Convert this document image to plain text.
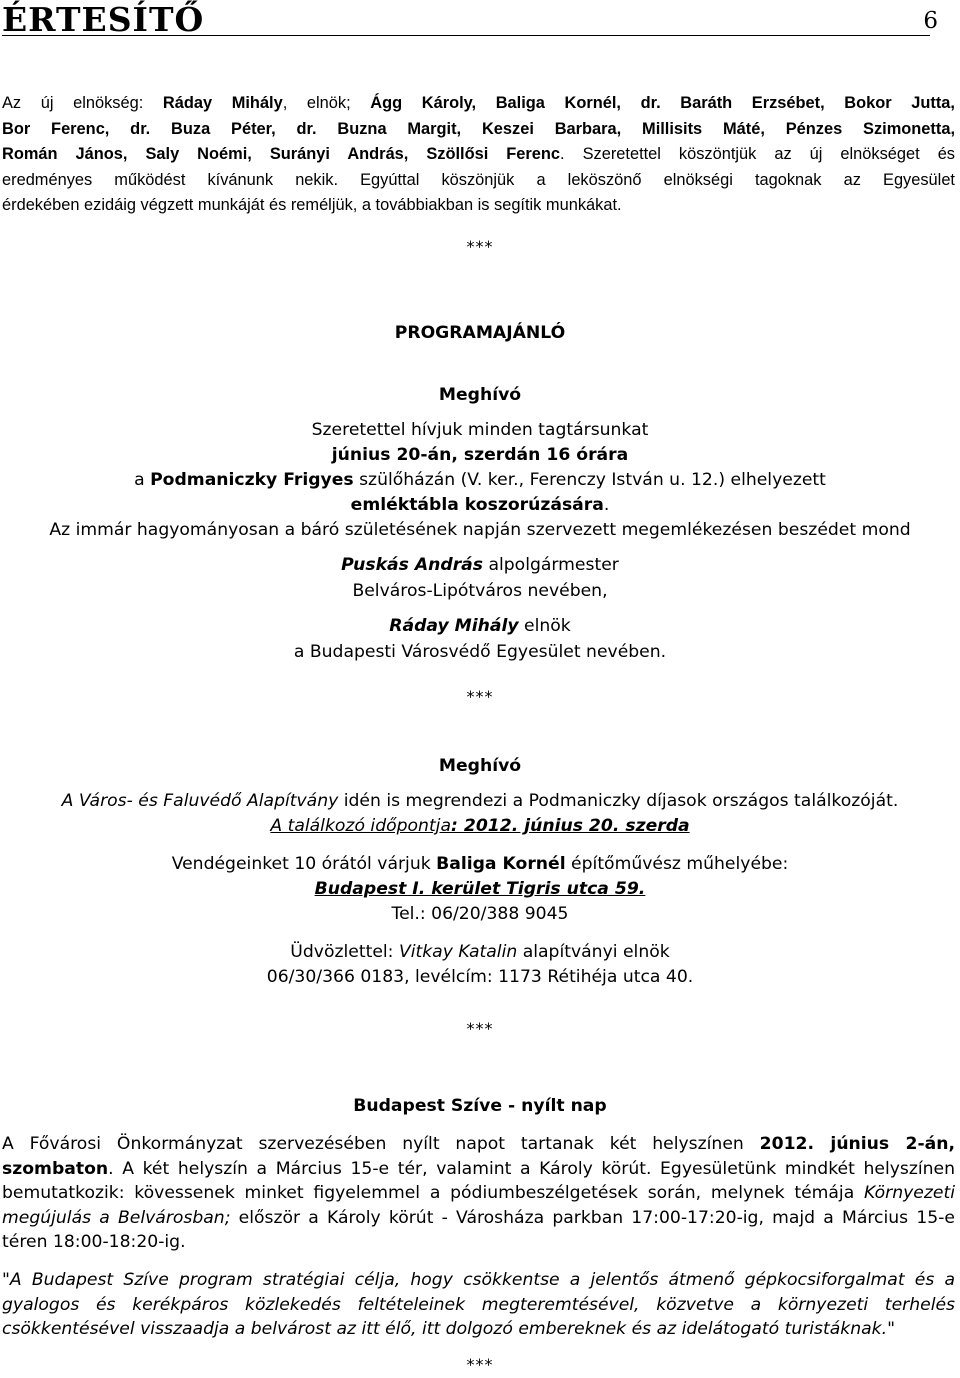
ÉRTESÍTŐ	6
Az új elnökség: Ráday Mihály, elnök; Ágg Károly, Baliga Kornél, dr. Baráth Erzsébet, Bokor Jutta,
Bor Ferenc, dr. Buza Péter, dr. Buzna Margit, Keszei Barbara, Millisits Máté, Pénzes Szimonetta,
Román János, Saly Noémi, Surányi András, Szöllősi Ferenc. Szeretettel köszöntjük az új elnökséget és
eredményes működést kívánunk nekik. Egyúttal köszönjük a leköszönő elnökségi tagoknak az Egyesület
érdekében ezidáig végzett munkáját és reméljük, a továbbiakban is segítik munkákat.
***
PROGRAMAJÁNLÓ
Meghívó
Szeretettel hívjuk minden tagtársunkat
június 20-án, szerdán 16 órára
a Podmaniczky Frigyes szülőházán (V. ker., Ferenczy István u. 12.) elhelyezett
emléktábla koszorúzására.
Az immár hagyományosan a báró születésének napján szervezett megemlékezésen beszédet mond
Puskás András alpolgármester
Belváros-Lipótváros nevében,
Ráday Mihály elnök
a Budapesti Városvédő Egyesület nevében.
***
Meghívó
A Város- és Faluvédő Alapítvány idén is megrendezi a Podmaniczky díjasok országos találkozóját.
A találkozó időpontja: 2012. június 20. szerda
Vendégeinket 10 órától várjuk Baliga Kornél építőművész műhelyébe:
Budapest I. kerület Tigris utca 59.
Tel.: 06/20/388 9045
Üdvözlettel: Vitkay Katalin alapítványi elnök
06/30/366 0183, levélcím: 1173 Rétihéja utca 40.
***
Budapest Szíve - nyílt nap
A Fővárosi Önkormányzat szervezésében nyílt napot tartanak két helyszínen 2012. június 2-án,
szombaton. A két helyszín a Március 15-e tér, valamint a Károly körút. Egyesületünk mindkét helyszínen
bemutatkozik: kövessenek minket figyelemmel a pódiumbeszélgetések során, melynek témája Környezeti
megújulás a Belvárosban; először a Károly körút - Városháza parkban 17:00-17:20-ig, majd a Március 15-e
téren 18:00-18:20-ig.
"A Budapest Szíve program stratégiai célja, hogy csökkentse a jelentős átmenő gépkocsiforgalmat és a
gyalogos és kerékpáros közlekedés feltételeinek megteremtésével, közvetve a környezeti terhelés
csökkentésével visszaadja a belvárost az itt élő, itt dolgozó embereknek és az idelátogató turistáknak."
***
